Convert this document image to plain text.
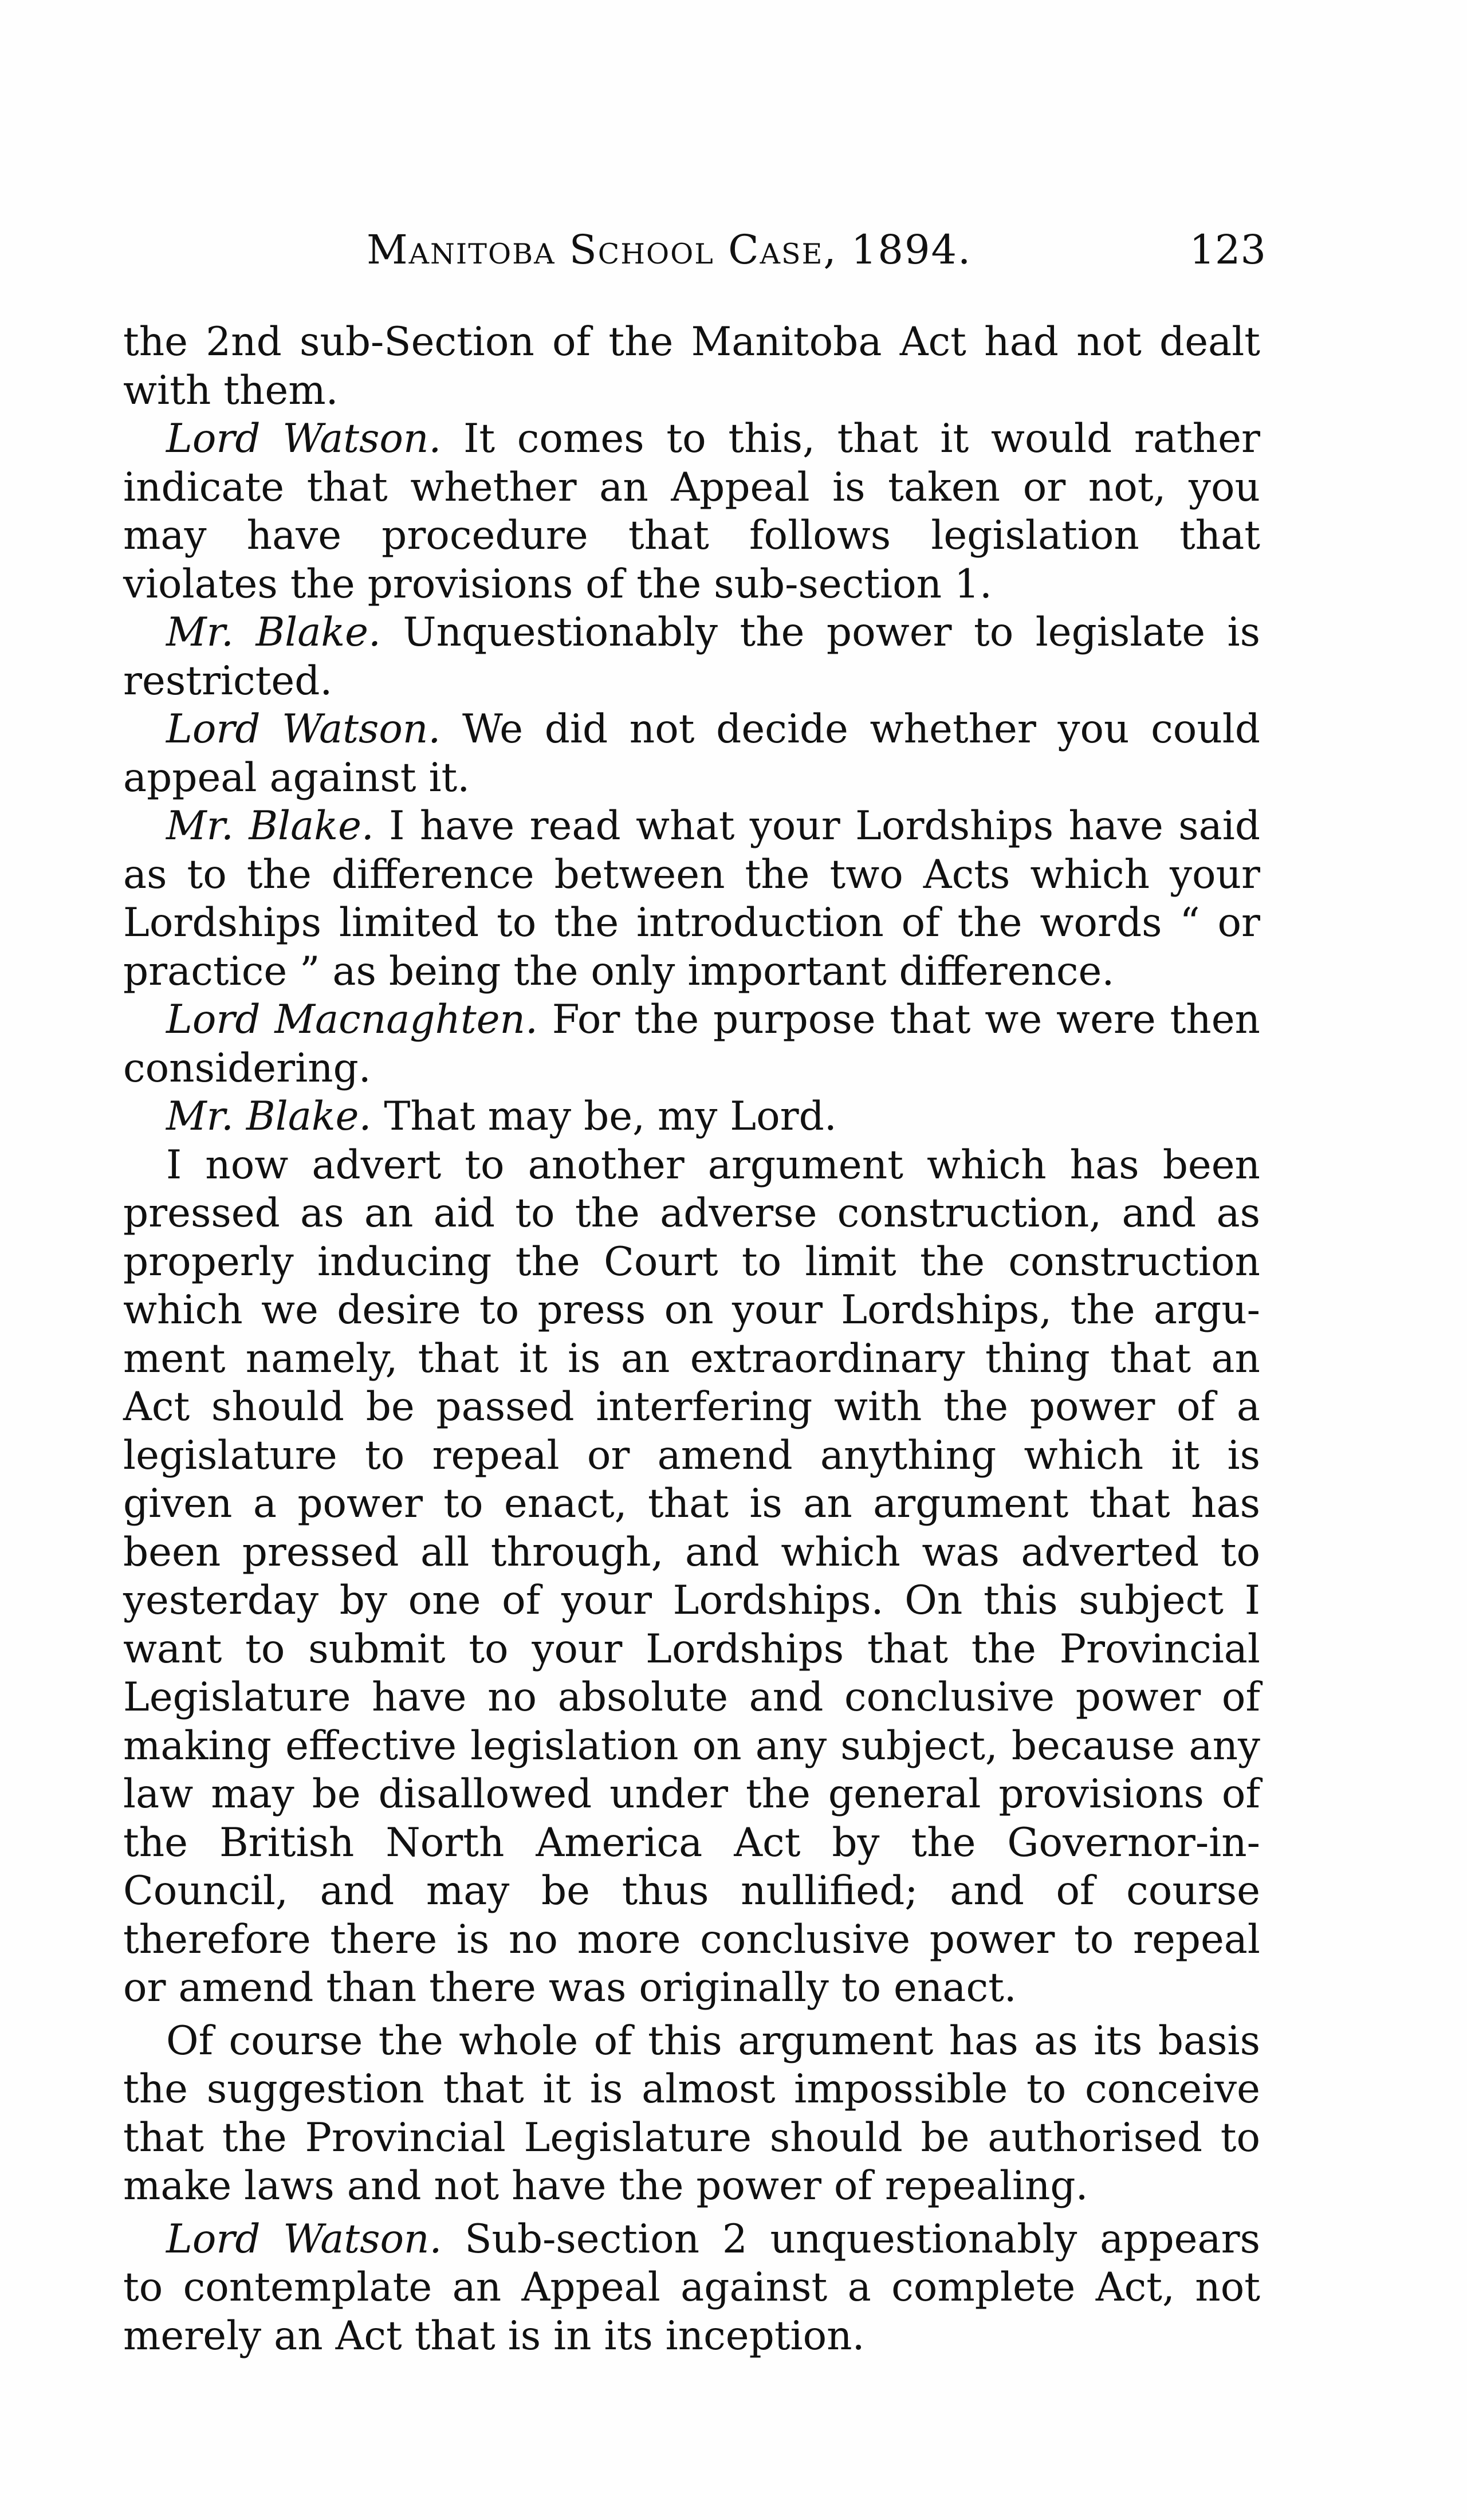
Manitoba School Case, 1894.	123

the 2nd sub-Section of the Manitoba Act had not dealt with them.

Lord Watson. It comes to this, that it would rather indicate that whether an Appeal is taken or not, you may have procedure that follows legislation that violates the provisions of the sub-section 1.

Mr. Blake. Unquestionably the power to legislate is restricted.

Lord Watson. We did not decide whether you could appeal against it.

Mr. Blake. I have read what your Lordships have said as to the difference between the two Acts which your Lordships limited to the introduction of the words “ or practice ” as being the only important difference.

Lord Macnaghten. For the purpose that we were then considering.

Mr. Blake. That may be, my Lord.

I now advert to another argument which has been pressed as an aid to the adverse construction, and as properly inducing the Court to limit the construction which we desire to press on your Lordships, the argument namely, that it is an extraordinary thing that an Act should be passed interfering with the power of a legislature to repeal or amend anything which it is given a power to enact, that is an argument that has been pressed all through, and which was adverted to yesterday by one of your Lordships. On this subject I want to submit to your Lordships that the Provincial Legislature have no absolute and conclusive power of making effective legislation on any subject, because any law may be disallowed under the general provisions of the British North America Act by the Governor-in-Council, and may be thus nullified; and of course therefore there is no more conclusive power to repeal or amend than there was originally to enact.

Of course the whole of this argument has as its basis the suggestion that it is almost impossible to conceive that the Provincial Legislature should be authorised to make laws and not have the power of repealing.

Lord Watson. Sub-section 2 unquestionably appears to contemplate an Appeal against a complete Act, not merely an Act that is in its inception.
